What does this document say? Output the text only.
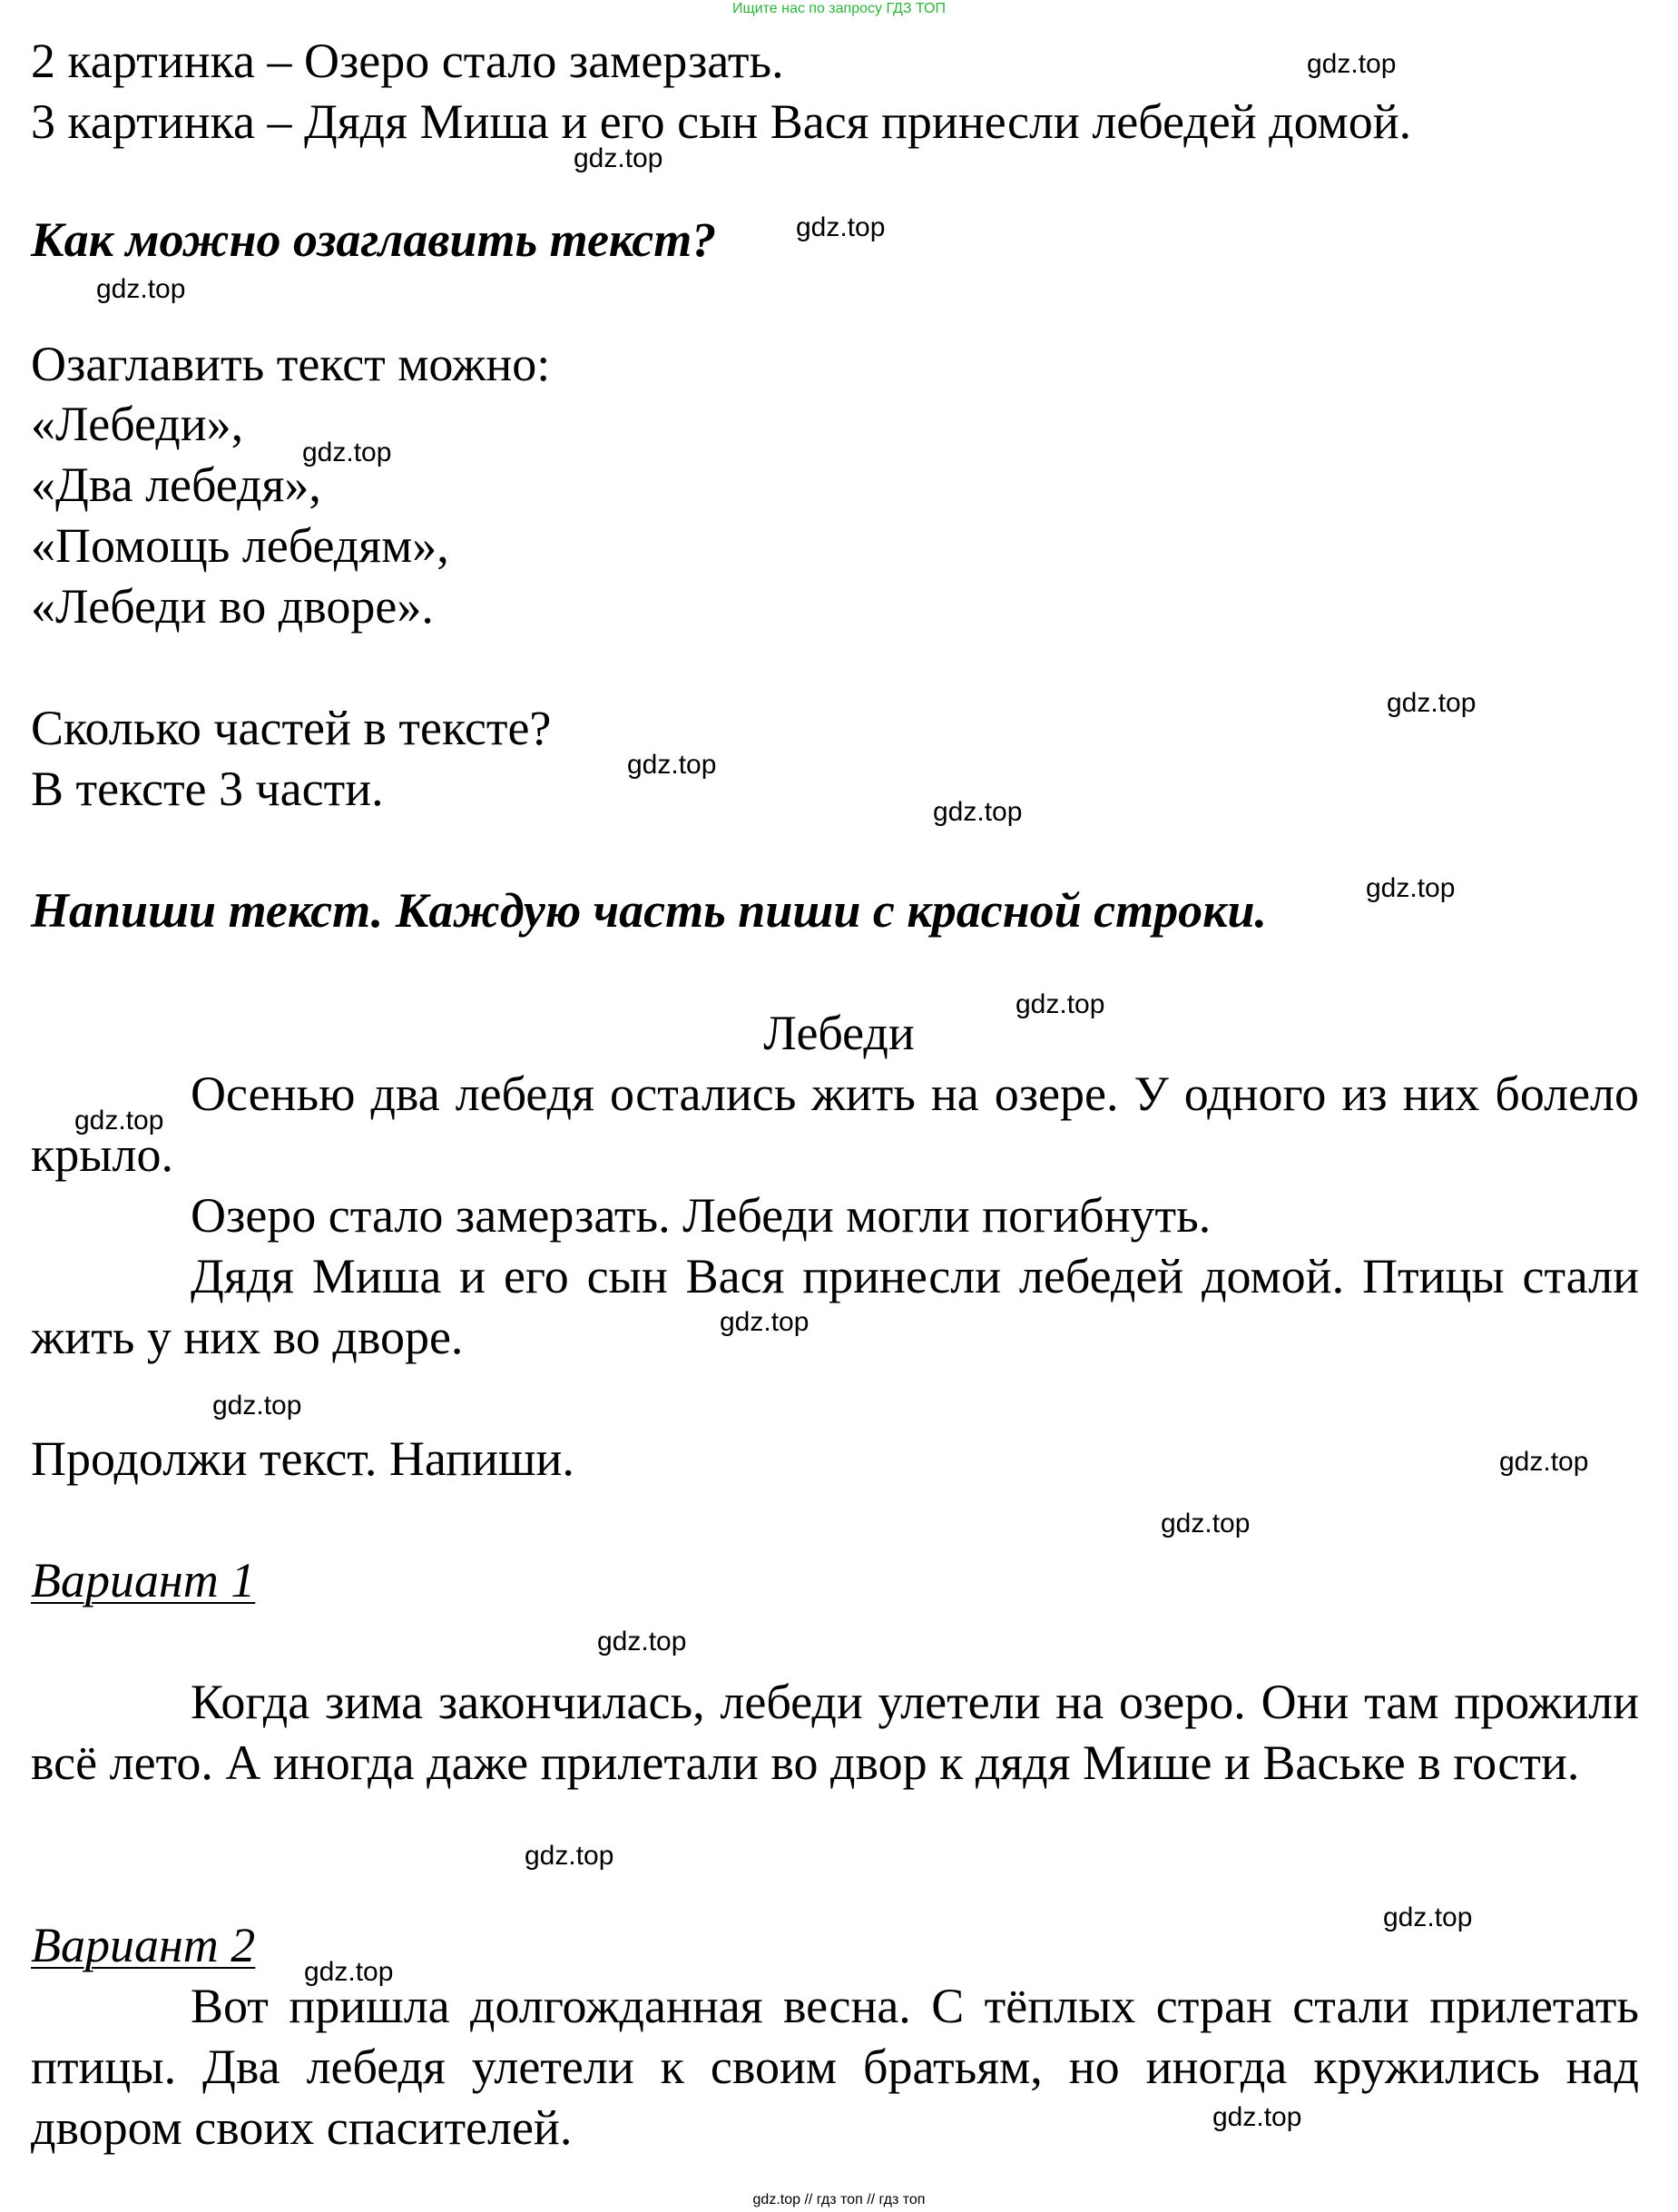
Ищите нас по запросу ГДЗ ТОП

2 картинка – Озеро стало замерзать.

3 картинка – Дядя Миша и его сын Вася принесли лебедей домой.

Как можно озаглавить текст?

Озаглавить текст можно:

«Лебеди»,

«Два лебедя»,

«Помощь лебедям»,

«Лебеди во дворе».

Сколько частей в тексте?

В тексте 3 части.

Напиши текст. Каждую часть пиши с красной строки.

Лебеди

Осенью два лебедя остались жить на озере. У одного из них болело крыло.

Озеро стало замерзать. Лебеди могли погибнуть.

Дядя Миша и его сын Вася принесли лебедей домой. Птицы стали жить у них во дворе.

Продолжи текст. Напиши.

Вариант 1

Когда зима закончилась, лебеди улетели на озеро. Они там прожили всё лето. А иногда даже прилетали во двор к дядя Мише и Ваське в гости.

Вариант 2

Вот пришла долгожданная весна. С тёплых стран стали прилетать птицы. Два лебедя улетели к своим братьям, но иногда кружились над двором своих спасителей.

gdz.top
gdz.top
gdz.top
gdz.top
gdz.top
gdz.top
gdz.top
gdz.top
gdz.top
gdz.top
gdz.top
gdz.top
gdz.top
gdz.top
gdz.top
gdz.top
gdz.top
gdz.top
gdz.top
gdz.top
gdz.top // гдз топ // гдз топ
